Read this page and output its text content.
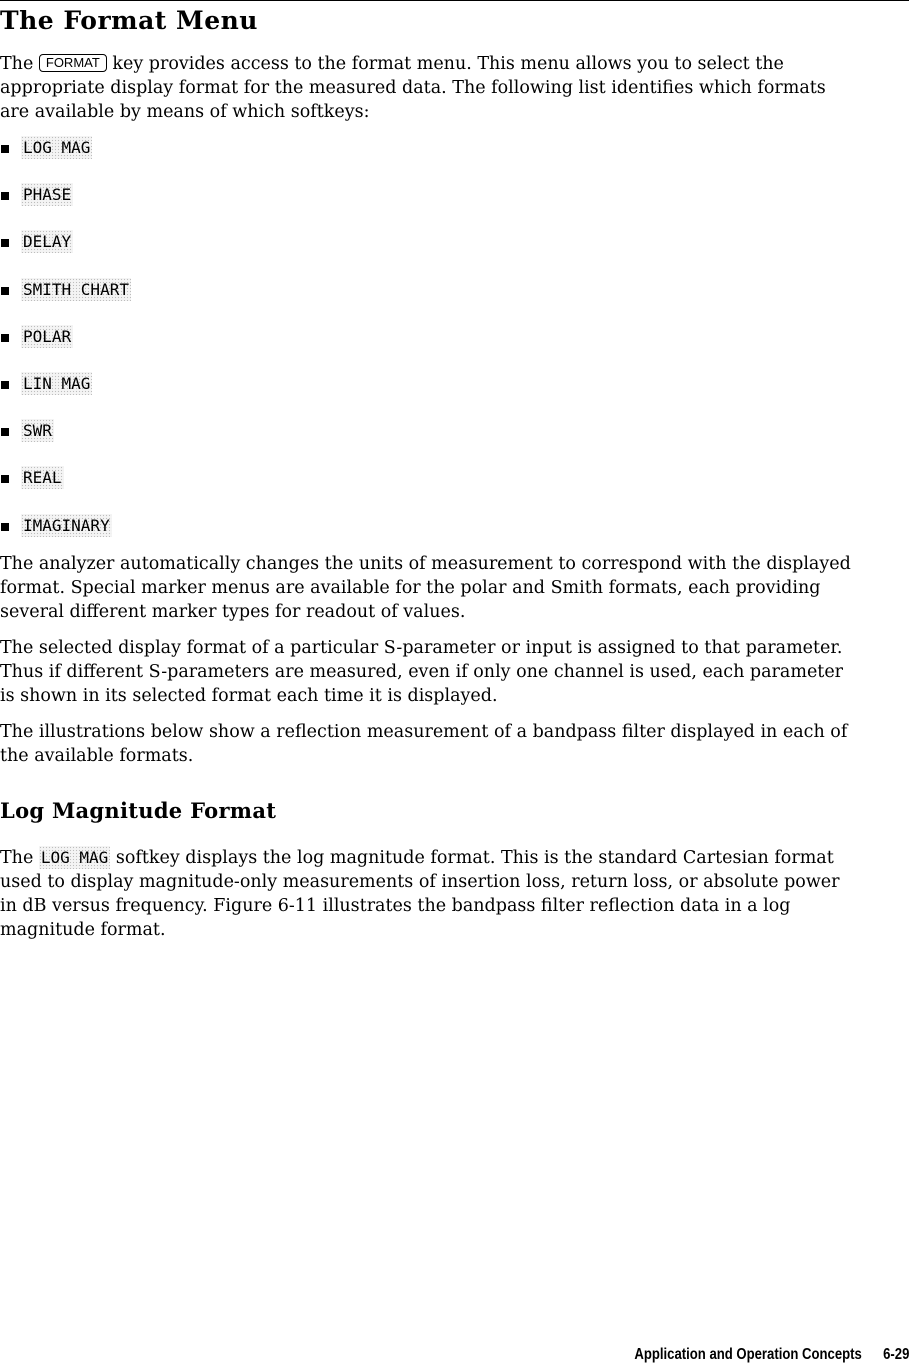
The Format Menu

The FORMAT key provides access to the format menu. This menu allows you to select the
appropriate display format for the measured data. The following list identifies which formats
are available by means of which softkeys:

LOG MAG
PHASE
DELAY
SMITH CHART
POLAR
LIN MAG
SWR
REAL
IMAGINARY

The analyzer automatically changes the units of measurement to correspond with the displayed
format. Special marker menus are available for the polar and Smith formats, each providing
several different marker types for readout of values.

The selected display format of a particular S-parameter or input is assigned to that parameter.
Thus if different S-parameters are measured, even if only one channel is used, each parameter
is shown in its selected format each time it is displayed.

The illustrations below show a reflection measurement of a bandpass filter displayed in each of
the available formats.

Log Magnitude Format

The LOG MAG softkey displays the log magnitude format. This is the standard Cartesian format
used to display magnitude-only measurements of insertion loss, return loss, or absolute power
in dB versus frequency. Figure 6-11 illustrates the bandpass filter reflection data in a log
magnitude format.

Application and Operation Concepts 6-29
